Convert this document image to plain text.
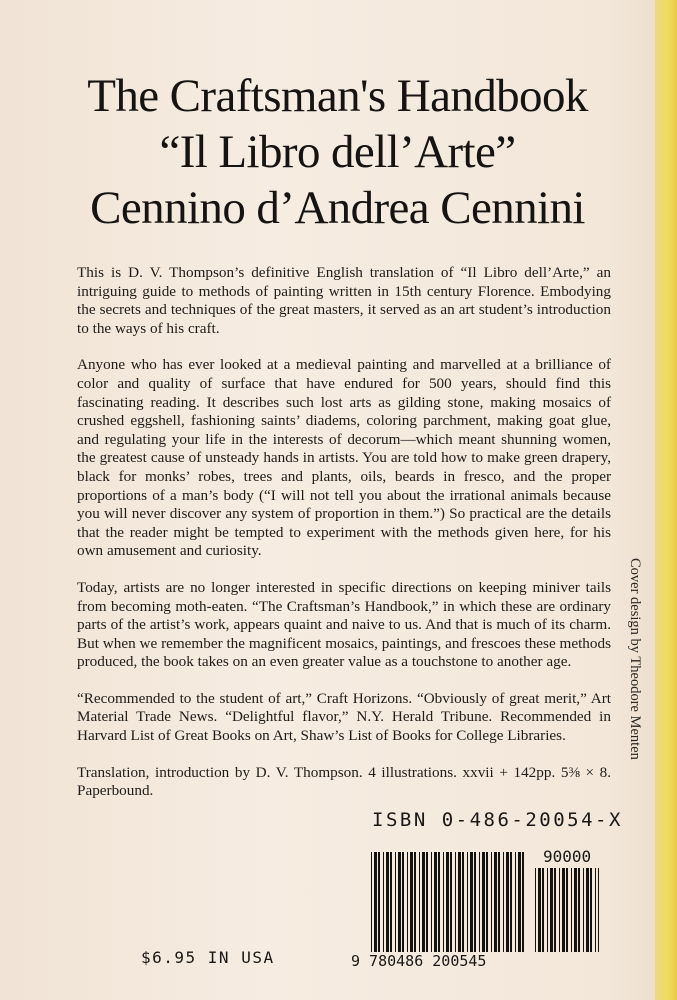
The Craftsman's Handbook
“Il Libro dell’Arte”
Cennino d’Andrea Cennini

This is D. V. Thompson’s definitive English translation of “Il Libro dell’Arte,” an intriguing guide to methods of painting written in 15th century Florence. Embodying the secrets and techniques of the great masters, it served as an art student’s introduction to the ways of his craft.

Anyone who has ever looked at a medieval painting and marvelled at a brilliance of color and quality of surface that have endured for 500 years, should find this fascinating reading. It describes such lost arts as gilding stone, making mosaics of crushed eggshell, fashioning saints’ diadems, coloring parchment, making goat glue, and regulating your life in the interests of decorum—which meant shunning women, the greatest cause of unsteady hands in artists. You are told how to make green drapery, black for monks’ robes, trees and plants, oils, beards in fresco, and the proper proportions of a man’s body (“I will not tell you about the irrational animals because you will never discover any system of proportion in them.”) So practical are the details that the reader might be tempted to experiment with the methods given here, for his own amusement and curiosity.

Today, artists are no longer interested in specific directions on keeping miniver tails from becoming moth-eaten. “The Craftsman’s Handbook,” in which these are ordinary parts of the artist’s work, appears quaint and naive to us. And that is much of its charm. But when we remember the magnificent mosaics, paintings, and frescoes these methods produced, the book takes on an even greater value as a touchstone to another age.

“Recommended to the student of art,” Craft Horizons. “Obviously of great merit,” Art Material Trade News. “Delightful flavor,” N.Y. Herald Tribune. Recommended in Harvard List of Great Books on Art, Shaw’s List of Books for College Libraries.

Translation, introduction by D. V. Thompson. 4 illustrations. xxvii + 142pp. 5⅜ × 8. Paperbound.

Cover design by Theodore Menten
ISBN 0-486-20054-X
90000
9 780486 200545
$6.95 IN USA
